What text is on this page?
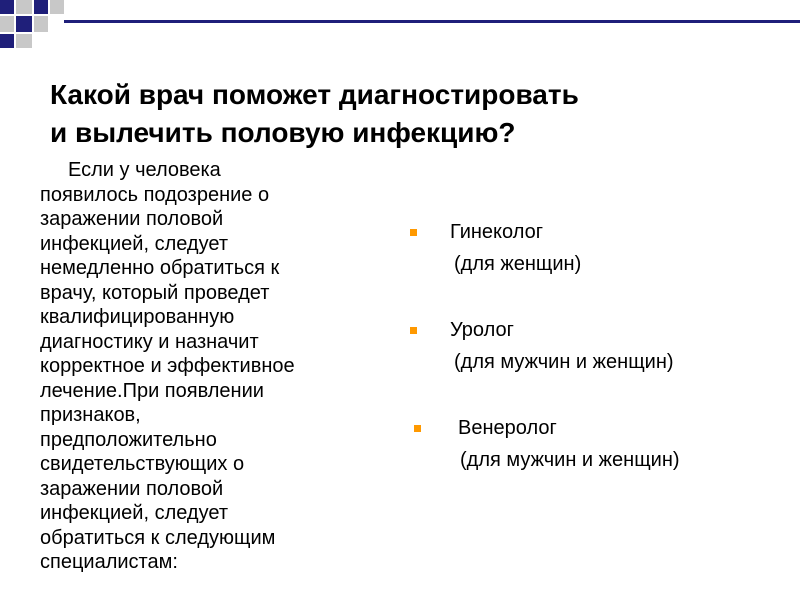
Какой врач поможет диагностировать
и вылечить половую инфекцию?
Если у человека
появилось подозрение о
заражении половой
инфекцией, следует
немедленно обратиться к
врачу, который проведет
квалифицированную
диагностику и назначит
корректное и эффективное
лечение.При появлении
признаков,
предположительно
свидетельствующих о
заражении половой
инфекцией, следует
обратиться к следующим
специалистам:
Гинеколог
(для женщин)
Уролог
(для мужчин и женщин)
Венеролог
(для мужчин и женщин)
